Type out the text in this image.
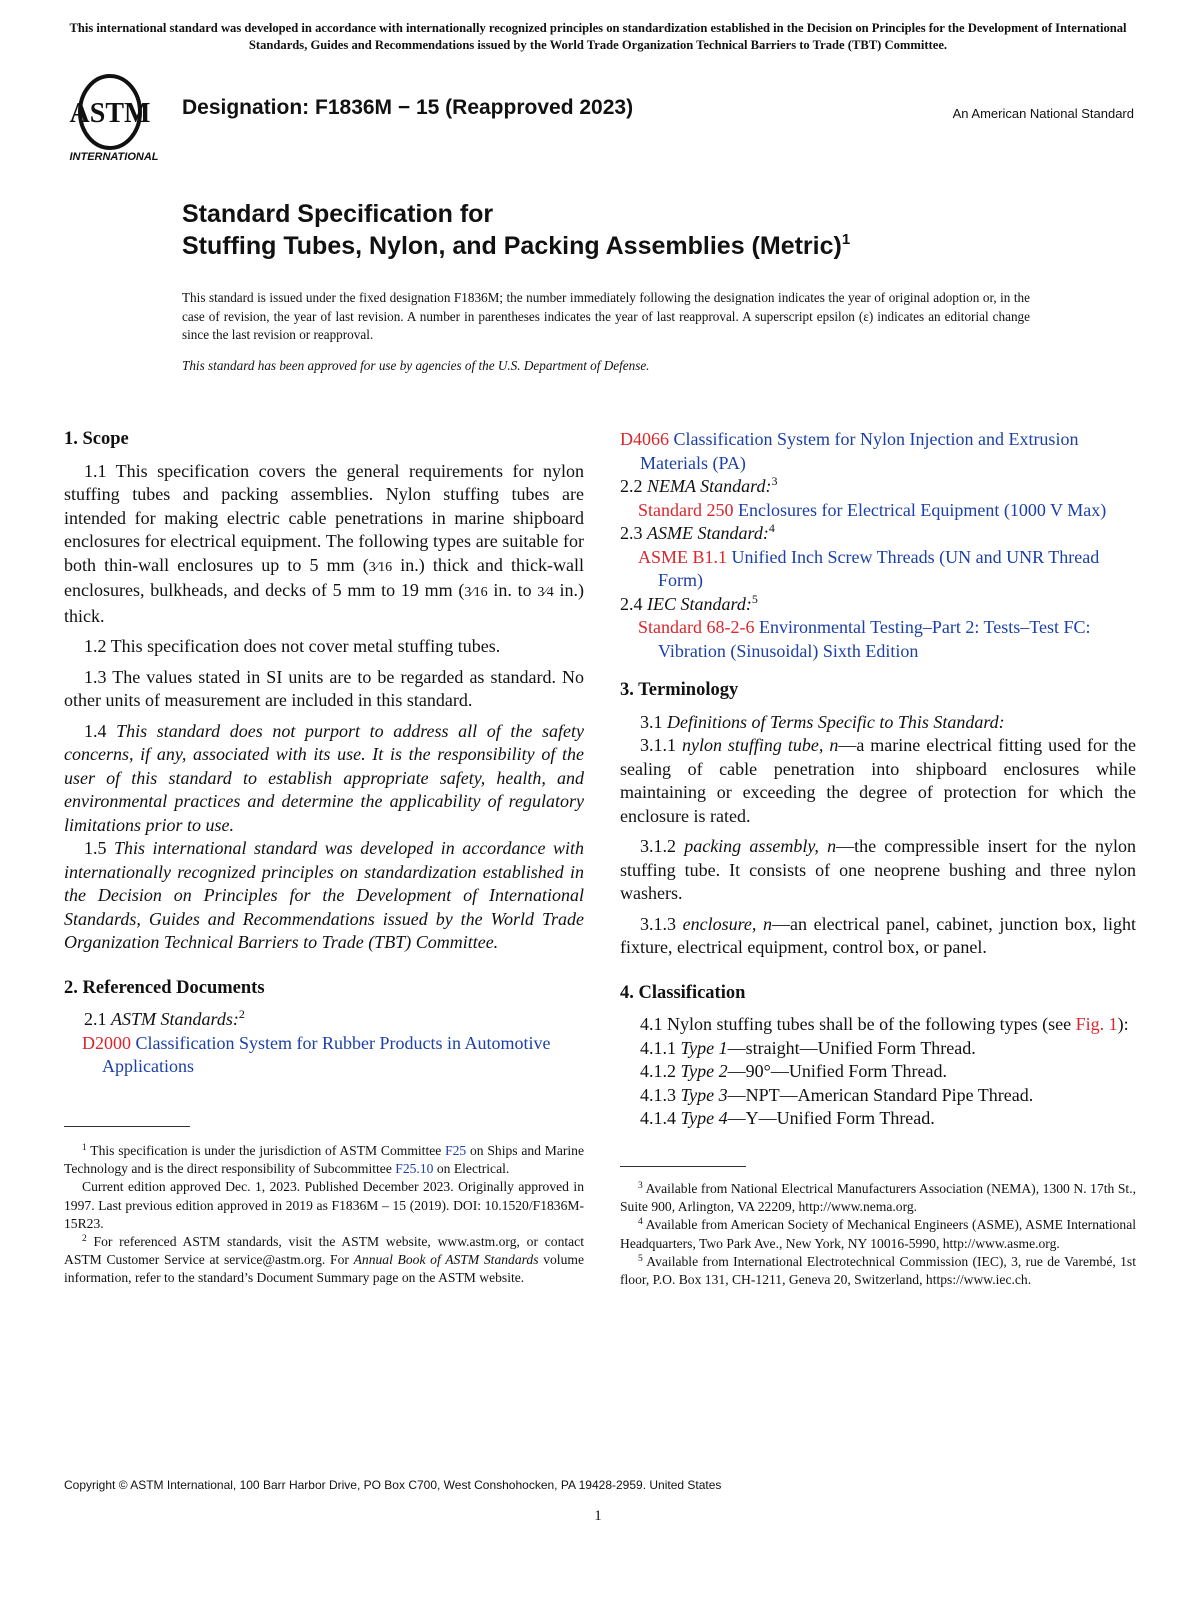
This international standard was developed in accordance with internationally recognized principles on standardization established in the Decision on Principles for the Development of International Standards, Guides and Recommendations issued by the World Trade Organization Technical Barriers to Trade (TBT) Committee.
ASTM
INTERNATIONAL
Designation: F1836M − 15 (Reapproved 2023)	An American National Standard
Standard Specification for
Stuffing Tubes, Nylon, and Packing Assemblies (Metric)$^1$
This standard is issued under the fixed designation F1836M; the number immediately following the designation indicates the year of original adoption or, in the case of revision, the year of last revision. A number in parentheses indicates the year of last reapproval. A superscript epsilon (ε) indicates an editorial change since the last revision or reapproval.
This standard has been approved for use by agencies of the U.S. Department of Defense.
1. Scope

1.1 This specification covers the general requirements for nylon stuffing tubes and packing assemblies. Nylon stuffing tubes are intended for making electric cable penetrations in marine shipboard enclosures for electrical equipment. The following types are suitable for both thin-wall enclosures up to 5 mm (3⁄16 in.) thick and thick-wall enclosures, bulkheads, and decks of 5 mm to 19 mm (3⁄16 in. to 3⁄4 in.) thick.

1.2 This specification does not cover metal stuffing tubes.

1.3 The values stated in SI units are to be regarded as standard. No other units of measurement are included in this standard.

1.4 This standard does not purport to address all of the safety concerns, if any, associated with its use. It is the responsibility of the user of this standard to establish appropriate safety, health, and environmental practices and determine the applicability of regulatory limitations prior to use.

1.5 This international standard was developed in accordance with internationally recognized principles on standardization established in the Decision on Principles for the Development of International Standards, Guides and Recommendations issued by the World Trade Organization Technical Barriers to Trade (TBT) Committee.

2. Referenced Documents

2.1 ASTM Standards:$^2$

D2000 Classification System for Rubber Products in Automotive Applications

D4066 Classification System for Nylon Injection and Extrusion Materials (PA)

2.2 NEMA Standard:$^3$

Standard 250 Enclosures for Electrical Equipment (1000 V Max)

2.3 ASME Standard:$^4$

ASME B1.1 Unified Inch Screw Threads (UN and UNR Thread Form)

2.4 IEC Standard:$^5$

Standard 68-2-6 Environmental Testing–Part 2: Tests–Test FC: Vibration (Sinusoidal) Sixth Edition

3. Terminology

3.1 Definitions of Terms Specific to This Standard:

3.1.1 nylon stuffing tube, n—a marine electrical fitting used for the sealing of cable penetration into shipboard enclosures while maintaining or exceeding the degree of protection for which the enclosure is rated.

3.1.2 packing assembly, n—the compressible insert for the nylon stuffing tube. It consists of one neoprene bushing and three nylon washers.

3.1.3 enclosure, n—an electrical panel, cabinet, junction box, light fixture, electrical equipment, control box, or panel.

4. Classification

4.1 Nylon stuffing tubes shall be of the following types (see Fig. 1):

4.1.1 Type 1—straight—Unified Form Thread.

4.1.2 Type 2—90°—Unified Form Thread.

4.1.3 Type 3—NPT—American Standard Pipe Thread.

4.1.4 Type 4—Y—Unified Form Thread.

$^1$ This specification is under the jurisdiction of ASTM Committee F25 on Ships and Marine Technology and is the direct responsibility of Subcommittee F25.10 on Electrical.

Current edition approved Dec. 1, 2023. Published December 2023. Originally approved in 1997. Last previous edition approved in 2019 as F1836M – 15 (2019). DOI: 10.1520/F1836M-15R23.

$^2$ For referenced ASTM standards, visit the ASTM website, www.astm.org, or contact ASTM Customer Service at service@astm.org. For Annual Book of ASTM Standards volume information, refer to the standard’s Document Summary page on the ASTM website.

$^3$ Available from National Electrical Manufacturers Association (NEMA), 1300 N. 17th St., Suite 900, Arlington, VA 22209, http://www.nema.org.

$^4$ Available from American Society of Mechanical Engineers (ASME), ASME International Headquarters, Two Park Ave., New York, NY 10016-5990, http://www.asme.org.

$^5$ Available from International Electrotechnical Commission (IEC), 3, rue de Varembé, 1st floor, P.O. Box 131, CH-1211, Geneva 20, Switzerland, https://www.iec.ch.

Copyright © ASTM International, 100 Barr Harbor Drive, PO Box C700, West Conshohocken, PA 19428-2959. United States
1
